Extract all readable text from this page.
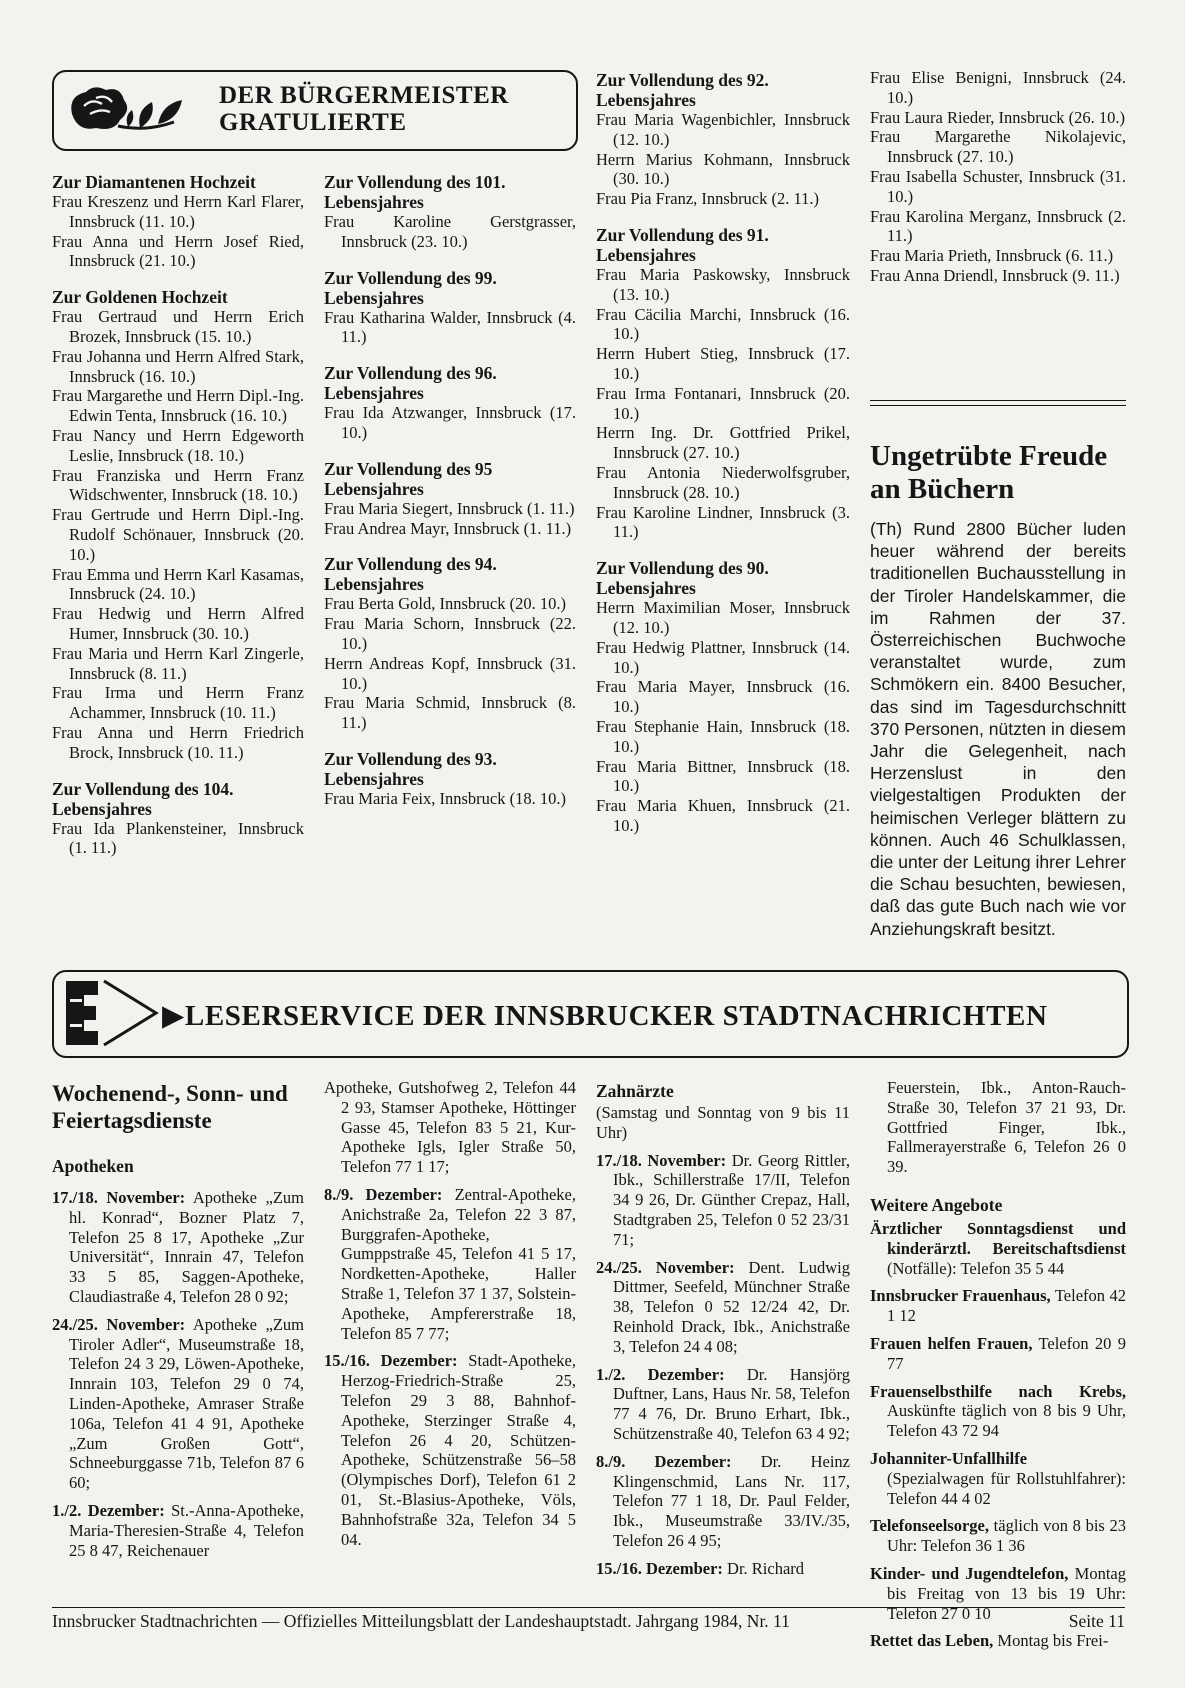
DER BÜRGERMEISTER
GRATULIERTE
Zur Diamantenen Hochzeit
Frau Kreszenz und Herrn Karl Flarer, Innsbruck (11. 10.)
Frau Anna und Herrn Josef Ried, Innsbruck (21. 10.)
Zur Goldenen Hochzeit
Frau Gertraud und Herrn Erich Brozek, Innsbruck (15. 10.)
Frau Johanna und Herrn Alfred Stark, Innsbruck (16. 10.)
Frau Margarethe und Herrn Dipl.-Ing. Edwin Tenta, Innsbruck (16. 10.)
Frau Nancy und Herrn Edgeworth Leslie, Innsbruck (18. 10.)
Frau Franziska und Herrn Franz Widschwenter, Innsbruck (18. 10.)
Frau Gertrude und Herrn Dipl.-Ing. Rudolf Schönauer, Innsbruck (20. 10.)
Frau Emma und Herrn Karl Kasamas, Innsbruck (24. 10.)
Frau Hedwig und Herrn Alfred Humer, Innsbruck (30. 10.)
Frau Maria und Herrn Karl Zingerle, Innsbruck (8. 11.)
Frau Irma und Herrn Franz Achammer, Innsbruck (10. 11.)
Frau Anna und Herrn Friedrich Brock, Innsbruck (10. 11.)
Zur Vollendung des 104. Lebensjahres
Frau Ida Plankensteiner, Innsbruck (1. 11.)
Zur Vollendung des 101. Lebensjahres
Frau Karoline Gerstgrasser, Innsbruck (23. 10.)
Zur Vollendung des 99. Lebensjahres
Frau Katharina Walder, Innsbruck (4. 11.)
Zur Vollendung des 96. Lebensjahres
Frau Ida Atzwanger, Innsbruck (17. 10.)
Zur Vollendung des 95 Lebensjahres
Frau Maria Siegert, Innsbruck (1. 11.)
Frau Andrea Mayr, Innsbruck (1. 11.)
Zur Vollendung des 94. Lebensjahres
Frau Berta Gold, Innsbruck (20. 10.)
Frau Maria Schorn, Innsbruck (22. 10.)
Herrn Andreas Kopf, Innsbruck (31. 10.)
Frau Maria Schmid, Innsbruck (8. 11.)
Zur Vollendung des 93. Lebensjahres
Frau Maria Feix, Innsbruck (18. 10.)
Zur Vollendung des 92. Lebensjahres
Frau Maria Wagenbichler, Innsbruck (12. 10.)
Herrn Marius Kohmann, Innsbruck (30. 10.)
Frau Pia Franz, Innsbruck (2. 11.)
Zur Vollendung des 91. Lebensjahres
Frau Maria Paskowsky, Innsbruck (13. 10.)
Frau Cäcilia Marchi, Innsbruck (16. 10.)
Herrn Hubert Stieg, Innsbruck (17. 10.)
Frau Irma Fontanari, Innsbruck (20. 10.)
Herrn Ing. Dr. Gottfried Prikel, Innsbruck (27. 10.)
Frau Antonia Niederwolfsgruber, Innsbruck (28. 10.)
Frau Karoline Lindner, Innsbruck (3. 11.)
Zur Vollendung des 90. Lebensjahres
Herrn Maximilian Moser, Innsbruck (12. 10.)
Frau Hedwig Plattner, Innsbruck (14. 10.)
Frau Maria Mayer, Innsbruck (16. 10.)
Frau Stephanie Hain, Innsbruck (18. 10.)
Frau Maria Bittner, Innsbruck (18. 10.)
Frau Maria Khuen, Innsbruck (21. 10.)
Frau Elise Benigni, Innsbruck (24. 10.)
Frau Laura Rieder, Innsbruck (26. 10.)
Frau Margarethe Nikolajevic, Innsbruck (27. 10.)
Frau Isabella Schuster, Innsbruck (31. 10.)
Frau Karolina Merganz, Innsbruck (2. 11.)
Frau Maria Prieth, Innsbruck (6. 11.)
Frau Anna Driendl, Innsbruck (9. 11.)
Ungetrübte Freude an Büchern
(Th) Rund 2800 Bücher luden heuer während der bereits traditionellen Buchausstellung in der Tiroler Handelskammer, die im Rahmen der 37. Österreichischen Buchwoche veranstaltet wurde, zum Schmökern ein. 8400 Besucher, das sind im Tagesdurchschnitt 370 Personen, nützten in diesem Jahr die Gelegenheit, nach Herzenslust in den vielgestaltigen Produkten der heimischen Verleger blättern zu können. Auch 46 Schulklassen, die unter der Leitung ihrer Lehrer die Schau besuchten, bewiesen, daß das gute Buch nach wie vor Anziehungskraft besitzt.
▶LESERSERVICE DER INNSBRUCKER STADTNACHRICHTEN
Wochenend-, Sonn- und Feiertagsdienste
Apotheken

17./18. November: Apotheke „Zum hl. Konrad“, Bozner Platz 7, Telefon 25 8 17, Apotheke „Zur Universität“, Innrain 47, Telefon 33 5 85, Saggen-Apotheke, Claudiastraße 4, Telefon 28 0 92;

24./25. November: Apotheke „Zum Tiroler Adler“, Museumstraße 18, Telefon 24 3 29, Löwen-Apotheke, Innrain 103, Telefon 29 0 74, Linden-Apotheke, Amraser Straße 106a, Telefon 41 4 91, Apotheke „Zum Großen Gott“, Schneeburggasse 71b, Telefon 87 6 60;

1./2. Dezember: St.-Anna-Apotheke, Maria-Theresien-Straße 4, Telefon 25 8 47, Reichenauer

Apotheke, Gutshofweg 2, Telefon 44 2 93, Stamser Apotheke, Höttinger Gasse 45, Telefon 83 5 21, Kur-Apotheke Igls, Igler Straße 50, Telefon 77 1 17;

8./9. Dezember: Zentral-Apotheke, Anichstraße 2a, Telefon 22 3 87, Burggrafen-Apotheke, Gumppstraße 45, Telefon 41 5 17, Nordketten-Apotheke, Haller Straße 1, Telefon 37 1 37, Solstein-Apotheke, Ampfererstraße 18, Telefon 85 7 77;

15./16. Dezember: Stadt-Apotheke, Herzog-Friedrich-Straße 25, Telefon 29 3 88, Bahnhof-Apotheke, Sterzinger Straße 4, Telefon 26 4 20, Schützen-Apotheke, Schützenstraße 56–58 (Olympisches Dorf), Telefon 61 2 01, St.-Blasius-Apotheke, Völs, Bahnhofstraße 32a, Telefon 34 5 04.

Zahnärzte
(Samstag und Sonntag von 9 bis 11 Uhr)

17./18. November: Dr. Georg Rittler, Ibk., Schillerstraße 17/II, Telefon 34 9 26, Dr. Günther Crepaz, Hall, Stadtgraben 25, Telefon 0 52 23/31 71;

24./25. November: Dent. Ludwig Dittmer, Seefeld, Münchner Straße 38, Telefon 0 52 12/24 42, Dr. Reinhold Drack, Ibk., Anichstraße 3, Telefon 24 4 08;

1./2. Dezember: Dr. Hansjörg Duftner, Lans, Haus Nr. 58, Telefon 77 4 76, Dr. Bruno Erhart, Ibk., Schützenstraße 40, Telefon 63 4 92;

8./9. Dezember: Dr. Heinz Klingenschmid, Lans Nr. 117, Telefon 77 1 18, Dr. Paul Felder, Ibk., Museumstraße 33/IV./35, Telefon 26 4 95;

15./16. Dezember: Dr. Richard

Feuerstein, Ibk., Anton-Rauch-Straße 30, Telefon 37 21 93, Dr. Gottfried Finger, Ibk., Fallmerayerstraße 6, Telefon 26 0 39.

Weitere Angebote

Ärztlicher Sonntagsdienst und kinderärztl. Bereitschaftsdienst (Notfälle): Telefon 35 5 44

Innsbrucker Frauenhaus, Telefon 42 1 12

Frauen helfen Frauen, Telefon 20 9 77

Frauenselbsthilfe nach Krebs, Auskünfte täglich von 8 bis 9 Uhr, Telefon 43 72 94

Johanniter-Unfallhilfe (Spezialwagen für Rollstuhlfahrer): Telefon 44 4 02

Telefonseelsorge, täglich von 8 bis 23 Uhr: Telefon 36 1 36

Kinder- und Jugendtelefon, Montag bis Freitag von 13 bis 19 Uhr: Telefon 27 0 10

Rettet das Leben, Montag bis Frei-

Innsbrucker Stadtnachrichten — Offizielles Mitteilungsblatt der Landeshauptstadt. Jahrgang 1984, Nr. 11	Seite 11
